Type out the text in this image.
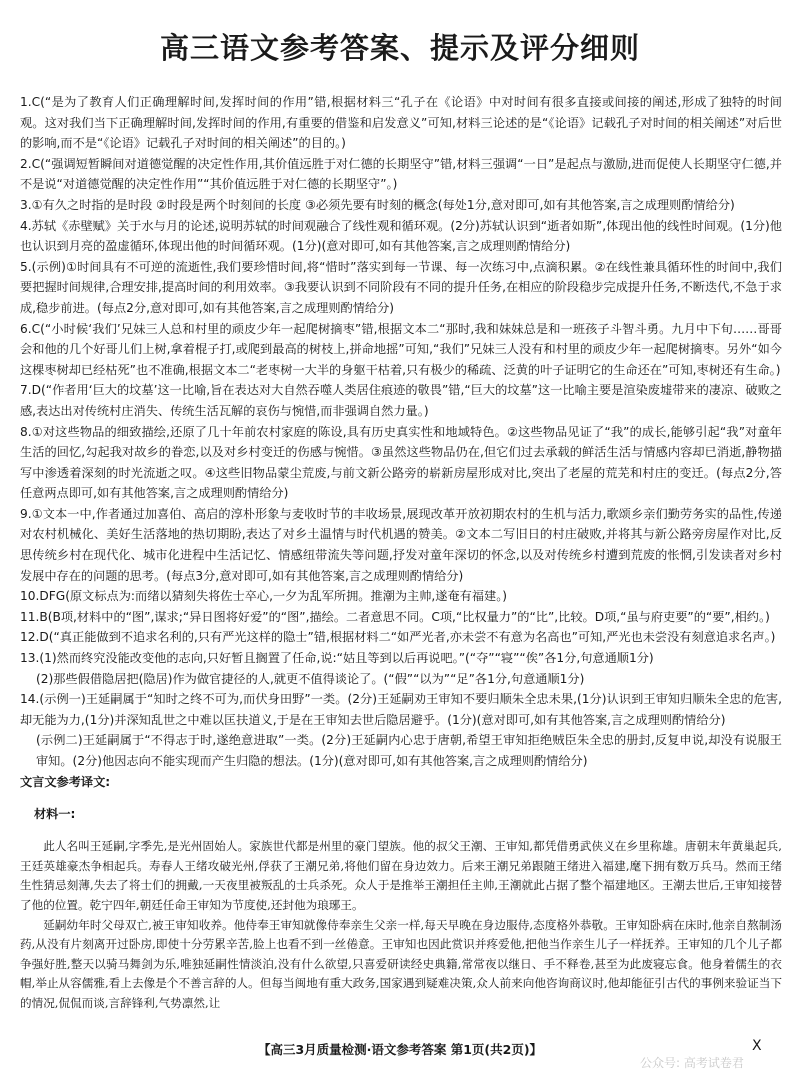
高三语文参考答案、提示及评分细则

1.C(“是为了教育人们正确理解时间,发挥时间的作用”错,根据材料三“孔子在《论语》中对时间有很多直接或间接的阐述,形成了独特的时间观。这对我们当下正确理解时间,发挥时间的作用,有重要的借鉴和启发意义”可知,材料三论述的是“《论语》记载孔子对时间的相关阐述”对后世的影响,而不是“《论语》记载孔子对时间的相关阐述”的目的。)

2.C(“强调短暂瞬间对道德觉醒的决定性作用,其价值远胜于对仁德的长期坚守”错,材料三强调“一日”是起点与激励,进而促使人长期坚守仁德,并不是说“对道德觉醒的决定性作用”“其价值远胜于对仁德的长期坚守”。)

3.①有久之时指的是时段 ②时段是两个时刻间的长度 ③必须先要有时刻的概念(每处1分,意对即可,如有其他答案,言之成理则酌情给分)

4.苏轼《赤壁赋》关于水与月的论述,说明苏轼的时间观融合了线性观和循环观。(2分)苏轼认识到“逝者如斯”,体现出他的线性时间观。(1分)他也认识到月亮的盈虚循环,体现出他的时间循环观。(1分)(意对即可,如有其他答案,言之成理则酌情给分)

5.(示例)①时间具有不可逆的流逝性,我们要珍惜时间,将“惜时”落实到每一节课、每一次练习中,点滴积累。②在线性兼具循环性的时间中,我们要把握时间规律,合理安排,提高时间的利用效率。③我要认识到不同阶段有不同的提升任务,在相应的阶段稳步完成提升任务,不断迭代,不急于求成,稳步前进。(每点2分,意对即可,如有其他答案,言之成理则酌情给分)

6.C(“小时候‘我们’兄妹三人总和村里的顽皮少年一起爬树摘枣”错,根据文本二“那时,我和妹妹总是和一班孩子斗智斗勇。九月中下旬……哥哥会和他的几个好哥儿们上树,拿着棍子打,或爬到最高的树枝上,拼命地摇”可知,“我们”兄妹三人没有和村里的顽皮少年一起爬树摘枣。另外“如今这棵枣树却已经枯死”也不准确,根据文本二“老枣树一大半的身躯干枯着,只有极少的稀疏、泛黄的叶子证明它的生命还在”可知,枣树还有生命。)

7.D(“作者用‘巨大的坟墓’这一比喻,旨在表达对大自然吞噬人类居住痕迹的敬畏”错,“巨大的坟墓”这一比喻主要是渲染废墟带来的凄凉、破败之感,表达出对传统村庄消失、传统生活瓦解的哀伤与惋惜,而非强调自然力量。)

8.①对这些物品的细致描绘,还原了几十年前农村家庭的陈设,具有历史真实性和地域特色。②这些物品见证了“我”的成长,能够引起“我”对童年生活的回忆,勾起我对故乡的眷恋,以及对乡村变迁的伤感与惋惜。③虽然这些物品仍在,但它们过去承载的鲜活生活与情感内容却已消逝,静物描写中渗透着深刻的时光流逝之叹。④这些旧物品蒙尘荒废,与前文新公路旁的崭新房屋形成对比,突出了老屋的荒芜和村庄的变迁。(每点2分,答任意两点即可,如有其他答案,言之成理则酌情给分)

9.①文本一中,作者通过加喜伯、高启的淳朴形象与麦收时节的丰收场景,展现改革开放初期农村的生机与活力,歌颂乡亲们勤劳务实的品性,传递对农村机械化、美好生活落地的热切期盼,表达了对乡土温情与时代机遇的赞美。②文本二写旧日的村庄破败,并将其与新公路旁房屋作对比,反思传统乡村在现代化、城市化进程中生活记忆、情感纽带流失等问题,抒发对童年深切的怀念,以及对传统乡村遭到荒废的怅惘,引发读者对乡村发展中存在的问题的思考。(每点3分,意对即可,如有其他答案,言之成理则酌情给分)

10.DFG(原文标点为:而绪以猜刻失将佐士卒心,一夕为乱军所拥。推潮为主帅,遂奄有福建。)

11.B(B项,材料中的“图”,谋求;“异日图将好爱”的“图”,描绘。二者意思不同。C项,“比权量力”的“比”,比较。D项,“虽与府吏要”的“要”,相约。)

12.D(“真正能做到不追求名利的,只有严光这样的隐士”错,根据材料二“如严光者,亦未尝不有意为名高也”可知,严光也未尝没有刻意追求名声。)

13.(1)然而终究没能改变他的志向,只好暂且搁置了任命,说:“姑且等到以后再说吧。”(“夺”“寝”“俟”各1分,句意通顺1分)

(2)那些假借隐居把(隐居)作为做官捷径的人,就更不值得谈论了。(“假”“以为”“足”各1分,句意通顺1分)

14.(示例一)王延嗣属于“知时之终不可为,而伏身田野”一类。(2分)王延嗣劝王审知不要归顺朱全忠未果,(1分)认识到王审知归顺朱全忠的危害,却无能为力,(1分)并深知乱世之中难以匡扶道义,于是在王审知去世后隐居避乎。(1分)(意对即可,如有其他答案,言之成理则酌情给分)

(示例二)王延嗣属于“不得志于时,遂绝意进取”一类。(2分)王延嗣内心忠于唐朝,希望王审知拒绝贼臣朱全忠的册封,反复申说,却没有说服王审知。(2分)他因志向不能实现而产生归隐的想法。(1分)(意对即可,如有其他答案,言之成理则酌情给分)

文言文参考译文:

材料一:

此人名叫王延嗣,字季先,是光州固始人。家族世代都是州里的豪门望族。他的叔父王潮、王审知,都凭借勇武侠义在乡里称雄。唐朝末年黄巢起兵,王廷英雄豪杰争相起兵。寿春人王绪攻破光州,俘获了王潮兄弟,将他们留在身边效力。后来王潮兄弟跟随王绪进入福建,麾下拥有数万兵马。然而王绪生性猜忌刻薄,失去了将士们的拥戴,一天夜里被叛乱的士兵杀死。众人于是推举王潮担任主帅,王潮就此占据了整个福建地区。王潮去世后,王审知接替了他的位置。乾宁四年,朝廷任命王审知为节度使,还封他为琅琊王。

延嗣幼年时父母双亡,被王审知收养。他侍奉王审知就像侍奉亲生父亲一样,每天早晚在身边服侍,态度格外恭敬。王审知卧病在床时,他亲自熬制汤药,从没有片刻离开过卧房,即使十分劳累辛苦,脸上也看不到一丝倦意。王审知也因此赏识并疼爱他,把他当作亲生儿子一样抚养。王审知的几个儿子都争强好胜,整天以骑马舞剑为乐,唯独延嗣性情淡泊,没有什么欲望,只喜爱研读经史典籍,常常夜以继日、手不释卷,甚至为此废寝忘食。他身着儒生的衣帽,举止从容儒雅,看上去像是个不善言辞的人。但每当闽地有重大政务,国家遇到疑难决策,众人前来向他咨询商议时,他却能征引古代的事例来验证当下的情况,侃侃而谈,言辞锋利,气势凛然,让

【高三3月质量检测·语文参考答案 第1页(共2页)】	X
公众号: 高考试卷君
